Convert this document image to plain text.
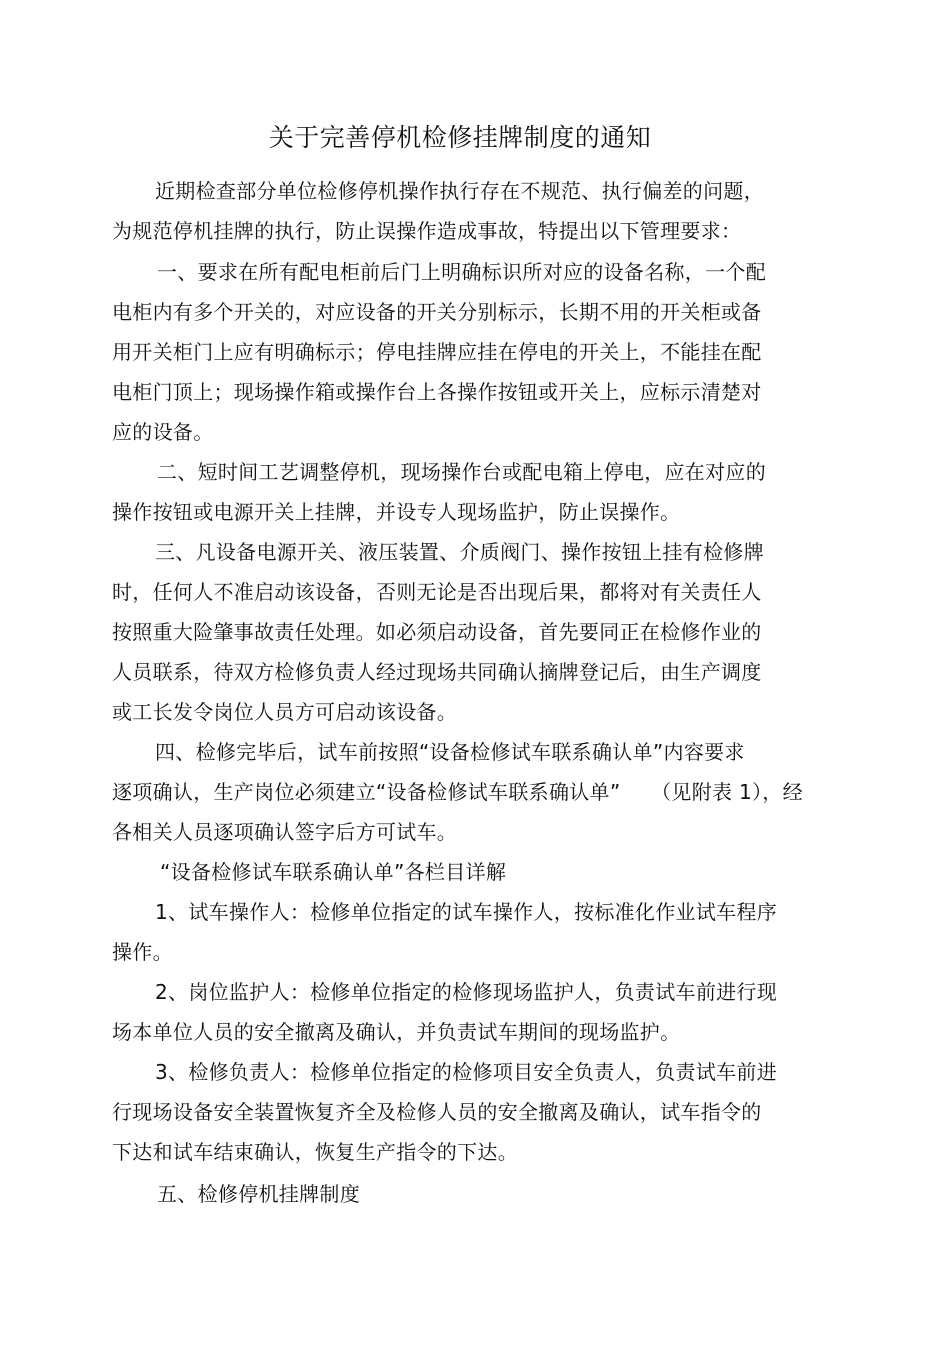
关于完善停机检修挂牌制度的通知
近期检查部分单位检修停机操作执行存在不规范、执行偏差的问题，
为规范停机挂牌的执行，防止误操作造成事故，特提出以下管理要求：
一、要求在所有配电柜前后门上明确标识所对应的设备名称，一个配
电柜内有多个开关的，对应设备的开关分别标示，长期不用的开关柜或备
用开关柜门上应有明确标示；停电挂牌应挂在停电的开关上，不能挂在配
电柜门顶上；现场操作箱或操作台上各操作按钮或开关上，应标示清楚对
应的设备。
二、短时间工艺调整停机，现场操作台或配电箱上停电，应在对应的
操作按钮或电源开关上挂牌，并设专人现场监护，防止误操作。
三、凡设备电源开关、液压装置、介质阀门、操作按钮上挂有检修牌
时，任何人不准启动该设备，否则无论是否出现后果，都将对有关责任人
按照重大险肇事故责任处理。如必须启动设备，首先要同正在检修作业的
人员联系，待双方检修负责人经过现场共同确认摘牌登记后，由生产调度
或工长发令岗位人员方可启动该设备。
四、检修完毕后，试车前按照“设备检修试车联系确认单”内容要求
逐项确认，生产岗位必须建立“设备检修试车联系确认单”　　（见附表 1），经
各相关人员逐项确认签字后方可试车。
“设备检修试车联系确认单”各栏目详解
1、试车操作人：检修单位指定的试车操作人，按标准化作业试车程序
操作。
2、岗位监护人：检修单位指定的检修现场监护人，负责试车前进行现
场本单位人员的安全撤离及确认，并负责试车期间的现场监护。
3、检修负责人：检修单位指定的检修项目安全负责人，负责试车前进
行现场设备安全装置恢复齐全及检修人员的安全撤离及确认，试车指令的
下达和试车结束确认，恢复生产指令的下达。
五、检修停机挂牌制度
